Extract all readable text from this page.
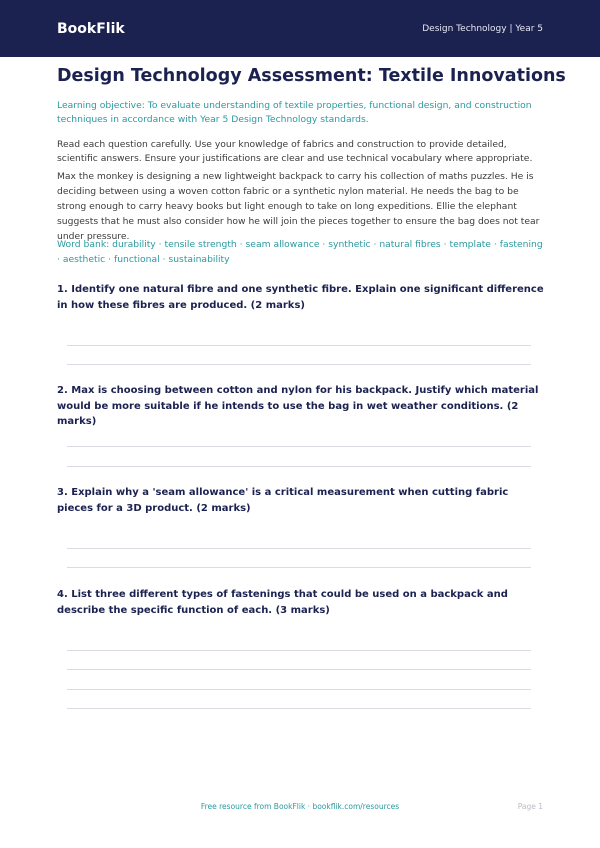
BookFlik	Design Technology | Year 5
Design Technology Assessment: Textile Innovations
Learning objective: To evaluate understanding of textile properties, functional design, and construction techniques in accordance with Year 5 Design Technology standards.
Read each question carefully. Use your knowledge of fabrics and construction to provide detailed, scientific answers. Ensure your justifications are clear and use technical vocabulary where appropriate.
Max the monkey is designing a new lightweight backpack to carry his collection of maths puzzles. He is deciding between using a woven cotton fabric or a synthetic nylon material. He needs the bag to be strong enough to carry heavy books but light enough to take on long expeditions. Ellie the elephant suggests that he must also consider how he will join the pieces together to ensure the bag does not tear under pressure.
Word bank: durability · tensile strength · seam allowance · synthetic · natural fibres · template · fastening · aesthetic · functional · sustainability
1. Identify one natural fibre and one synthetic fibre. Explain one significant difference in how these fibres are produced. (2 marks)
2. Max is choosing between cotton and nylon for his backpack. Justify which material would be more suitable if he intends to use the bag in wet weather conditions. (2 marks)
3. Explain why a 'seam allowance' is a critical measurement when cutting fabric pieces for a 3D product. (2 marks)
4. List three different types of fastenings that could be used on a backpack and describe the specific function of each. (3 marks)
Free resource from BookFlik · bookflik.com/resources	Page 1
